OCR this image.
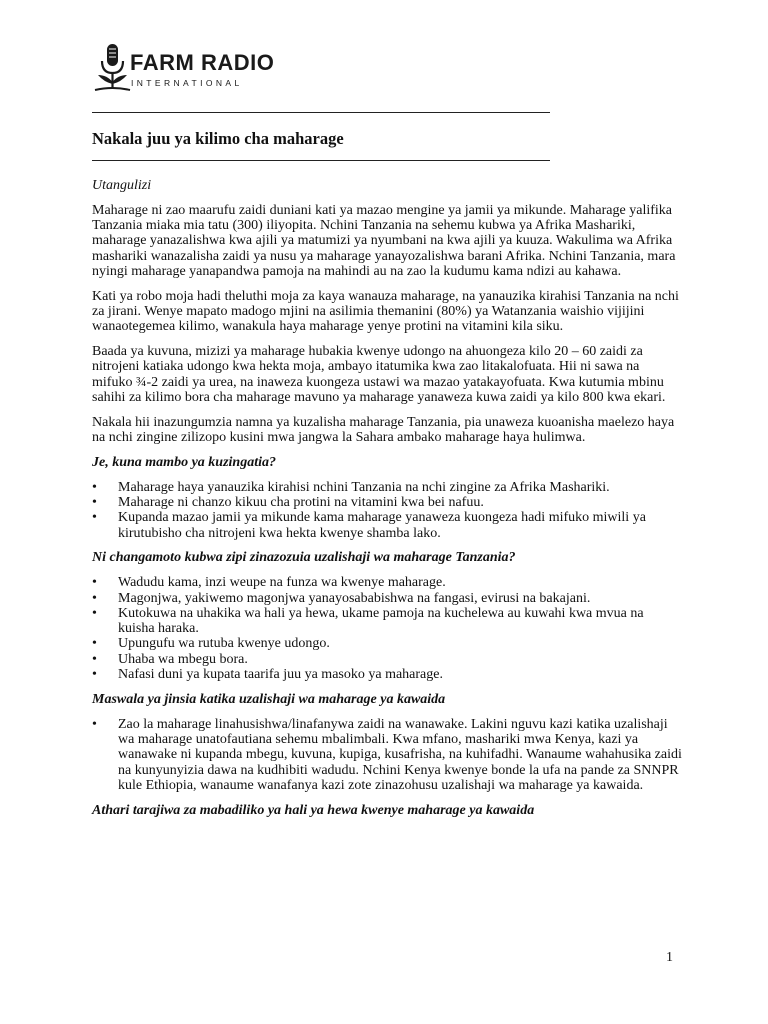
FARM RADIO
INTERNATIONAL
Nakala juu ya kilimo cha maharage
Utangulizi

Maharage ni zao maarufu zaidi duniani kati ya mazao mengine ya jamii ya mikunde. Maharage yalifika Tanzania miaka mia tatu (300) iliyopita. Nchini Tanzania na sehemu kubwa ya Afrika Mashariki, maharage yanazalishwa kwa ajili ya matumizi ya nyumbani na kwa ajili ya kuuza. Wakulima wa Afrika mashariki wanazalisha zaidi ya nusu ya maharage yanayozalishwa barani Afrika. Nchini Tanzania, mara nyingi maharage yanapandwa pamoja na mahindi au na zao la kudumu kama ndizi au kahawa.

Kati ya robo moja hadi theluthi moja za kaya wanauza maharage, na yanauzika kirahisi Tanzania na nchi za jirani. Wenye mapato madogo mjini na asilimia themanini (80%) ya Watanzania waishio vijijini wanaotegemea kilimo, wanakula haya maharage yenye protini na vitamini kila siku.

Baada ya kuvuna, mizizi ya maharage hubakia kwenye udongo na ahuongeza kilo 20 – 60 zaidi za nitrojeni katiaka udongo kwa hekta moja, ambayo itatumika kwa zao litakalofuata. Hii ni sawa na mifuko ¾-2 zaidi ya urea, na inaweza kuongeza ustawi wa mazao yatakayofuata. Kwa kutumia mbinu sahihi za kilimo bora cha maharage mavuno ya maharage yanaweza kuwa zaidi ya kilo 800 kwa ekari.

Nakala hii inazungumzia namna ya kuzalisha maharage Tanzania, pia unaweza kuoanisha maelezo haya na nchi zingine zilizopo kusini mwa jangwa la Sahara ambako maharage haya hulimwa.

Je, kuna mambo ya kuzingatia?
• Maharage haya yanauzika kirahisi nchini Tanzania na nchi zingine za Afrika Mashariki.
• Maharage ni chanzo kikuu cha protini na vitamini kwa bei nafuu.
• Kupanda mazao jamii ya mikunde kama maharage yanaweza kuongeza hadi mifuko miwili ya kirutubisho cha nitrojeni kwa hekta kwenye shamba lako.
Ni changamoto kubwa zipi zinazozuia uzalishaji wa maharage Tanzania?
• Wadudu kama, inzi weupe na funza wa kwenye maharage.
• Magonjwa, yakiwemo magonjwa yanayosababishwa na fangasi, evirusi na bakajani.
• Kutokuwa na uhakika wa hali ya hewa, ukame pamoja na kuchelewa au kuwahi kwa mvua na kuisha haraka.
• Upungufu wa rutuba kwenye udongo.
• Uhaba wa mbegu bora.
• Nafasi duni ya kupata taarifa juu ya masoko ya maharage.
Maswala ya jinsia katika uzalishaji wa maharage ya kawaida
• Zao la maharage linahusishwa/linafanywa zaidi na wanawake. Lakini nguvu kazi katika uzalishaji wa maharage unatofautiana sehemu mbalimbali. Kwa mfano, mashariki mwa Kenya, kazi ya wanawake ni kupanda mbegu, kuvuna, kupiga, kusafrisha, na kuhifadhi. Wanaume wahahusika zaidi na kunyunyizia dawa na kudhibiti wadudu. Nchini Kenya kwenye bonde la ufa na pande za SNNPR kule Ethiopia, wanaume wanafanya kazi zote zinazohusu uzalishaji wa maharage ya kawaida.
Athari tarajiwa za mabadiliko ya hali ya hewa kwenye maharage ya kawaida
1
